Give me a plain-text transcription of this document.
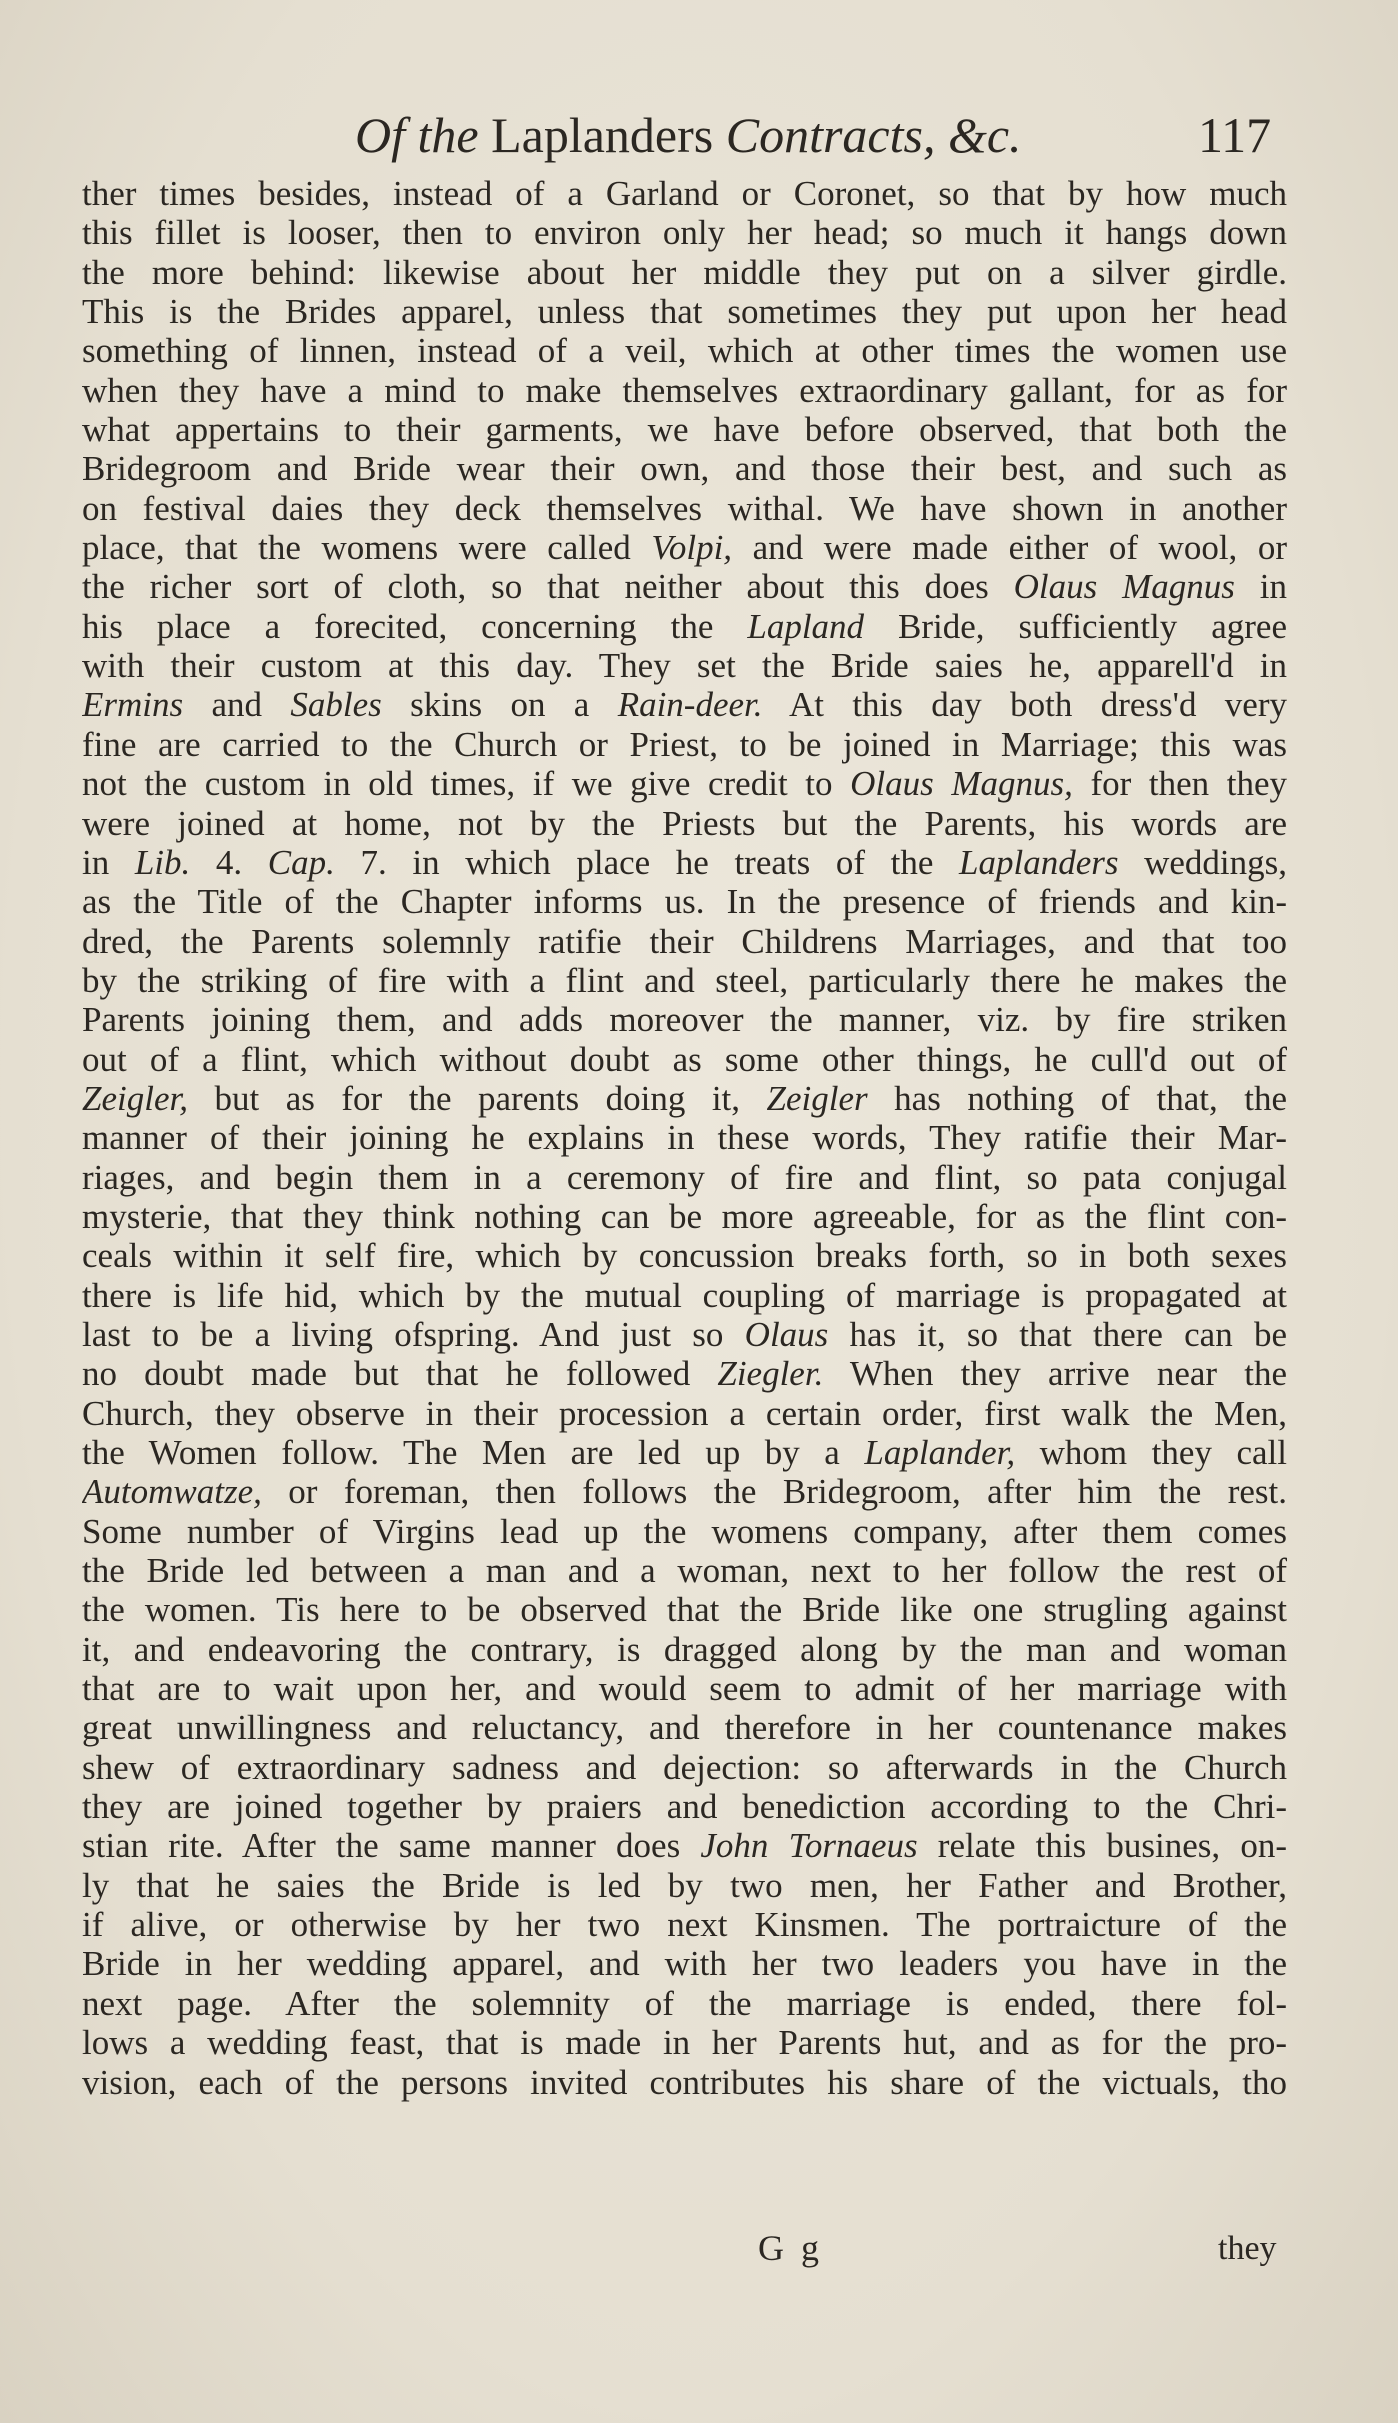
Of the Laplanders Contracts, &c.	117
ther times besides, instead of a Garland or Coronet, so that by how much
this fillet is looser, then to environ only her head; so much it hangs down
the more behind: likewise about her middle they put on a silver girdle.
This is the Brides apparel, unless that sometimes they put upon her head
something of linnen, instead of a veil, which at other times the women use
when they have a mind to make themselves extraordinary gallant, for as for
what appertains to their garments, we have before observed, that both the
Bridegroom and Bride wear their own, and those their best, and such as
on festival daies they deck themselves withal. We have shown in another
place, that the womens were called Volpi, and were made either of wool, or
the richer sort of cloth, so that neither about this does Olaus Magnus in
his place a forecited, concerning the Lapland Bride, sufficiently agree
with their custom at this day. They set the Bride saies he, apparell'd in
Ermins and Sables skins on a Rain-deer. At this day both dress'd very
fine are carried to the Church or Priest, to be joined in Marriage; this was
not the custom in old times, if we give credit to Olaus Magnus, for then they
were joined at home, not by the Priests but the Parents, his words are
in Lib. 4. Cap. 7. in which place he treats of the Laplanders weddings,
as the Title of the Chapter informs us. In the presence of friends and kin-
dred, the Parents solemnly ratifie their Childrens Marriages, and that too
by the striking of fire with a flint and steel, particularly there he makes the
Parents joining them, and adds moreover the manner, viz. by fire striken
out of a flint, which without doubt as some other things, he cull'd out of
Zeigler, but as for the parents doing it, Zeigler has nothing of that, the
manner of their joining he explains in these words, They ratifie their Mar-
riages, and begin them in a ceremony of fire and flint, so pata conjugal
mysterie, that they think nothing can be more agreeable, for as the flint con-
ceals within it self fire, which by concussion breaks forth, so in both sexes
there is life hid, which by the mutual coupling of marriage is propagated at
last to be a living ofspring. And just so Olaus has it, so that there can be
no doubt made but that he followed Ziegler. When they arrive near the
Church, they observe in their procession a certain order, first walk the Men,
the Women follow. The Men are led up by a Laplander, whom they call
Automwatze, or foreman, then follows the Bridegroom, after him the rest.
Some number of Virgins lead up the womens company, after them comes
the Bride led between a man and a woman, next to her follow the rest of
the women. Tis here to be observed that the Bride like one strugling against
it, and endeavoring the contrary, is dragged along by the man and woman
that are to wait upon her, and would seem to admit of her marriage with
great unwillingness and reluctancy, and therefore in her countenance makes
shew of extraordinary sadness and dejection: so afterwards in the Church
they are joined together by praiers and benediction according to the Chri-
stian rite. After the same manner does John Tornaeus relate this busines, on-
ly that he saies the Bride is led by two men, her Father and Brother,
if alive, or otherwise by her two next Kinsmen. The portraicture of the
Bride in her wedding apparel, and with her two leaders you have in the
next page. After the solemnity of the marriage is ended, there fol-
lows a wedding feast, that is made in her Parents hut, and as for the pro-
vision, each of the persons invited contributes his share of the victuals, tho
G g	they
